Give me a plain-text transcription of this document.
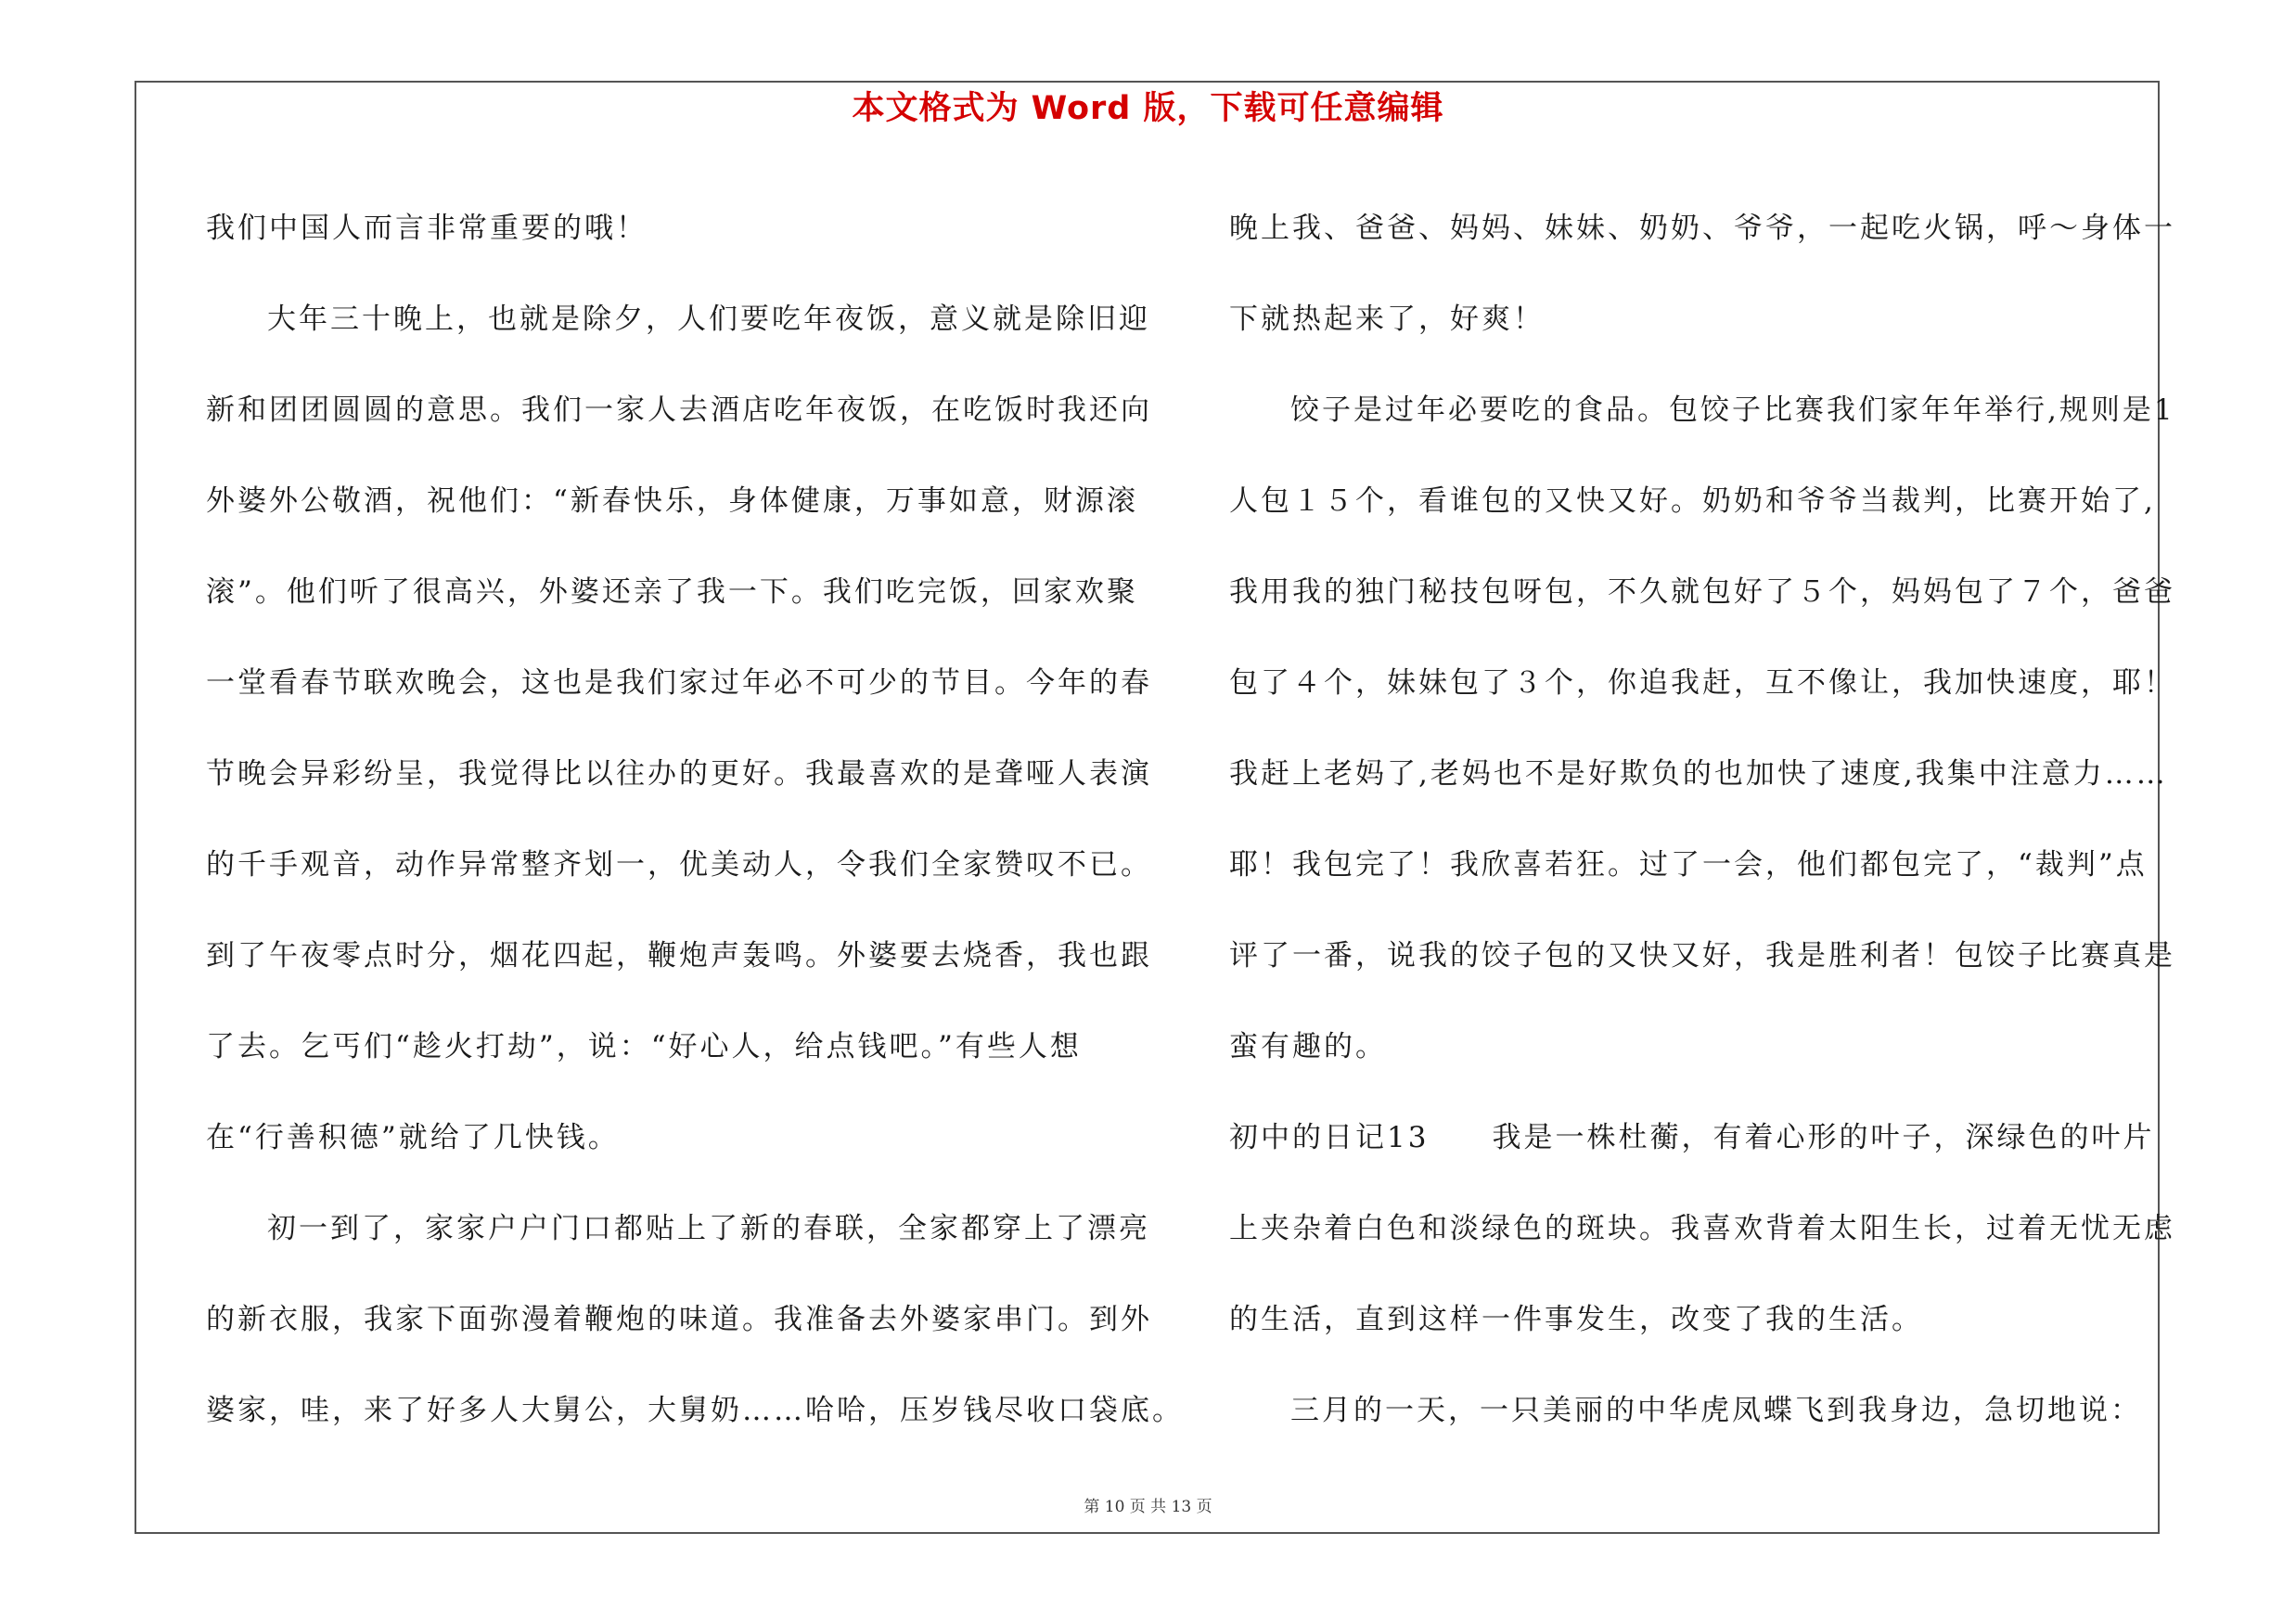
本文格式为 Word 版，下载可任意编辑
我们中国人而言非常重要的哦！
大年三十晚上，也就是除夕，人们要吃年夜饭，意义就是除旧迎
新和团团圆圆的意思。我们一家人去酒店吃年夜饭，在吃饭时我还向
外婆外公敬酒，祝他们：“新春快乐，身体健康，万事如意，财源滚
滚”。他们听了很高兴，外婆还亲了我一下。我们吃完饭，回家欢聚
一堂看春节联欢晚会，这也是我们家过年必不可少的节目。今年的春
节晚会异彩纷呈，我觉得比以往办的更好。我最喜欢的是聋哑人表演
的千手观音，动作异常整齐划一，优美动人，令我们全家赞叹不已。
到了午夜零点时分，烟花四起，鞭炮声轰鸣。外婆要去烧香，我也跟
了去。乞丐们“趁火打劫”，说：“好心人，给点钱吧。”有些人想
在“行善积德”就给了几快钱。
初一到了，家家户户门口都贴上了新的春联，全家都穿上了漂亮
的新衣服，我家下面弥漫着鞭炮的味道。我准备去外婆家串门。到外
婆家，哇，来了好多人大舅公，大舅奶……哈哈，压岁钱尽收口袋底。
晚上我、爸爸、妈妈、妹妹、奶奶、爷爷，一起吃火锅，呼～身体一
下就热起来了，好爽！
饺子是过年必要吃的食品。包饺子比赛我们家年年举行,规则是1
人包１５个，看谁包的又快又好。奶奶和爷爷当裁判，比赛开始了,
我用我的独门秘技包呀包，不久就包好了５个，妈妈包了７个，爸爸
包了４个，妹妹包了３个，你追我赶，互不像让，我加快速度，耶！
我赶上老妈了,老妈也不是好欺负的也加快了速度,我集中注意力……
耶！我包完了！我欣喜若狂。过了一会，他们都包完了，“裁判”点
评了一番，说我的饺子包的又快又好，我是胜利者！包饺子比赛真是
蛮有趣的。
初中的日记13　　我是一株杜蘅，有着心形的叶子，深绿色的叶片
上夹杂着白色和淡绿色的斑块。我喜欢背着太阳生长，过着无忧无虑
的生活，直到这样一件事发生，改变了我的生活。
三月的一天，一只美丽的中华虎凤蝶飞到我身边，急切地说：
第 10 页 共 13 页
